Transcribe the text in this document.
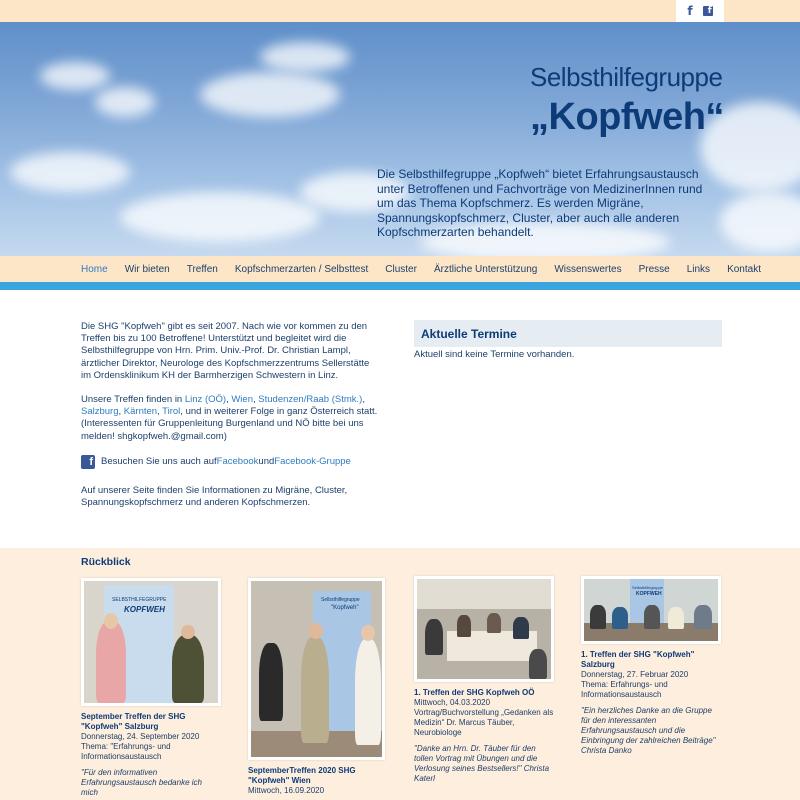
f	f
Selbsthilfegruppe
„Kopfweh“
Die Selbsthilfegruppe „Kopfweh“ bietet Erfahrungsaustausch unter Betroffenen und Fachvorträge von MedizinerInnen rund um das Thema Kopfschmerz. Es werden Migräne, Spannungskopfschmerz, Cluster, aber auch alle anderen Kopfschmerzarten behandelt.
Home Wir bieten Treffen Kopfschmerzarten / Selbsttest Cluster Ärztliche Unterstützung Wissenswertes Presse Links Kontakt

Die SHG "Kopfweh" gibt es seit 2007. Nach wie vor kommen zu den Treffen bis zu 100 Betroffene! Unterstützt und begleitet wird die Selbsthilfegruppe von Hrn. Prim. Univ.-Prof. Dr. Christian Lampl, ärztlicher Direktor, Neurologe des Kopfschmerzzentrums Sellerstätte im Ordensklinikum KH der Barmherzigen Schwestern in Linz.

Unsere Treffen finden in Linz (OÖ), Wien, Studenzen/Raab (Stmk.), Salzburg, Kärnten, Tirol, und in weiterer Folge in ganz Österreich statt. (Interessenten für Gruppenleitung Burgenland und NÖ bitte bei uns melden! shgkopfweh.@gmail.com)

f Besuchen Sie uns auch auf Facebook und Facebook-Gruppe

Auf unserer Seite finden Sie Informationen zu Migräne, Cluster, Spannungskopfschmerz und anderen Kopfschmerzen.

Aktuelle Termine
Aktuell sind keine Termine vorhanden.
Rückblick
SELBSTHILFEGRUPPE
KOPFWEH
September Treffen der SHG "Kopfweh" Salzburg
Donnerstag, 24. September 2020
Thema: "Erfahrungs- und Informationsaustausch
"Für den informativen Erfahrungsaustausch bedanke ich mich
Selbsthilfegruppe
"Kopfweh"
SeptemberTreffen 2020 SHG "Kopfweh" Wien
Mittwoch, 16.09.2020
1. Treffen der SHG Kopfweh OÖ
Mittwoch, 04.03.2020
Vortrag/Buchvorstellung „Gedanken als Medizin“ Dr. Marcus Täuber, Neurobiologe
"Danke an Hrn. Dr. Täuber für den tollen Vortrag mit Übungen und die Verlosung seines Bestsellers!" Christa Katerl
Selbsthilfegruppe
KOPFWEH
1. Treffen der SHG "Kopfweh" Salzburg
Donnerstag, 27. Februar 2020
Thema: Erfahrungs- und Informationsaustausch
"Ein herzliches Danke an die Gruppe für den interessanten Erfahrungsaustausch und die Einbringung der zahlreichen Beiträge"
Christa Danko
